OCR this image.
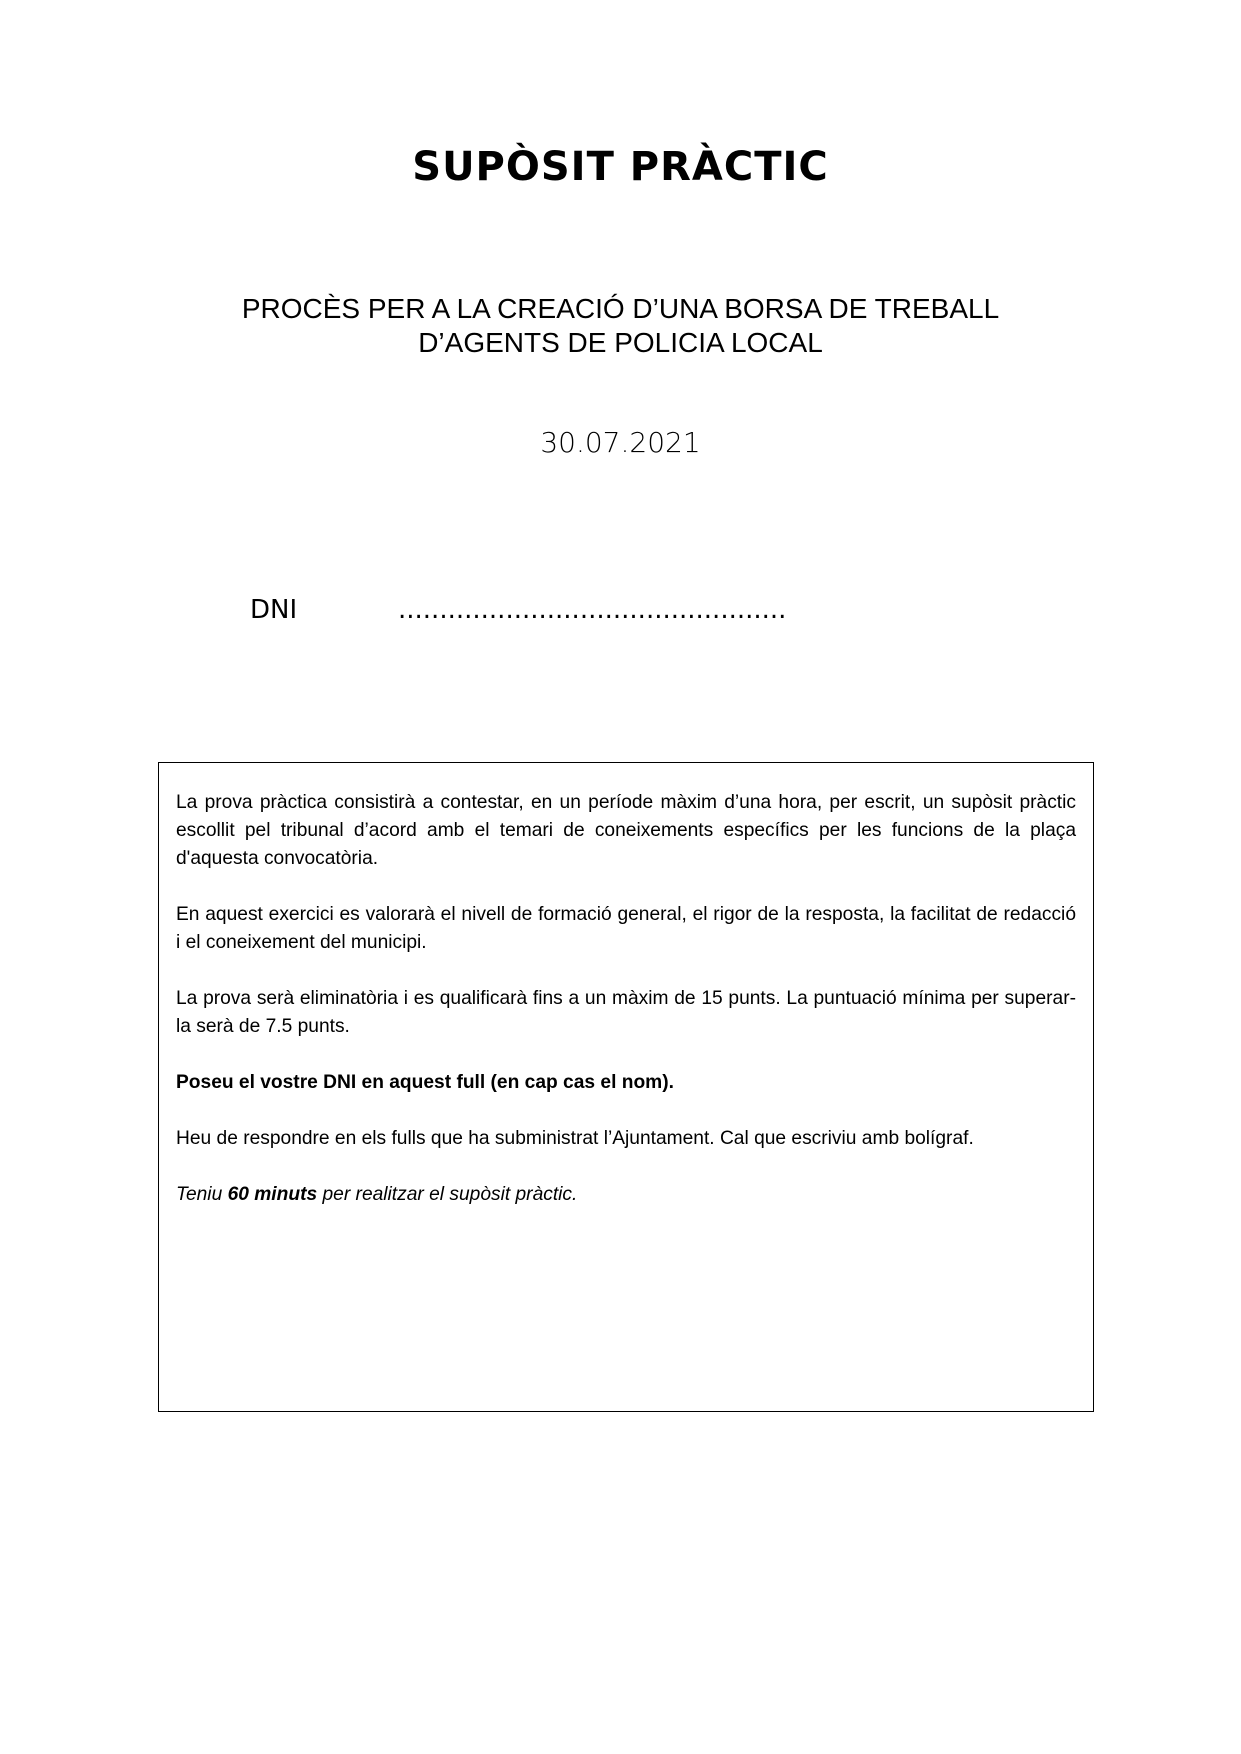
SUPÒSIT PRÀCTIC
PROCÈS PER A LA CREACIÓ D’UNA BORSA DE TREBALL
D’AGENTS DE POLICIA LOCAL
30.07.2021
DNI	...............................................

La prova pràctica consistirà a contestar, en un període màxim d’una hora, per escrit, un supòsit pràctic escollit pel tribunal d’acord amb el temari de coneixements específics per les funcions de la plaça d'aquesta convocatòria.

En aquest exercici es valorarà el nivell de formació general, el rigor de la resposta, la facilitat de redacció i el coneixement del municipi.

La prova serà eliminatòria i es qualificarà fins a un màxim de 15 punts. La puntuació mínima per superar-la serà de 7.5 punts.

Poseu el vostre DNI en aquest full (en cap cas el nom).

Heu de respondre en els fulls que ha subministrat l’Ajuntament. Cal que escriviu amb bolígraf.

Teniu 60 minuts per realitzar el supòsit pràctic.
